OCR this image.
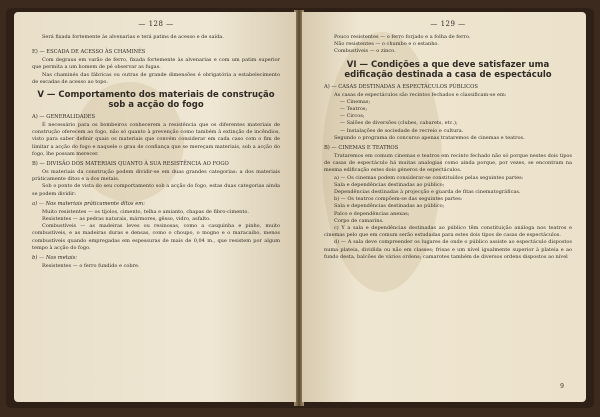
— 128 —

Será fixada fortemente às alvenarias e terá patins de acesso e de saída.

E) — ESCADA DE ACESSO ÀS CHAMINÉS

Com degraus em varão de ferro, fixada fortemente às alvenarias e com um patim superior que permita a um homem de pé observar as fugas.

Nas chaminés das fábricas ou outras de grande dimensões é obrigatória a estabelecimento de escadas de acesso ao topo.

V — Comportamento dos materiais de construção sob a acção do fogo
A) — GENERALIDADES

É necessário para os bombeiros conhecerem a resistência que os diferentes materiais de construção oferecem ao fogo, não só quanto à prevenção como também à extinção de incêndios, visto para saber definir quais os materiais que convém considerar em cada caso com o fim de limitar a acção do fogo e naquele o grau de confiança que se mereçam materiais, sob a acção do fogo, lhe possam merecer.

B) — DIVISÃO DOS MATERIAIS QUANTO À SUA RESISTÊNCIA AO FOGO

Os materiais da construção podem dividir-se em duas grandes categorias: a dos materiais pràticamente ditos e a dos metais.

Sob o ponto de vista do seu comportamento sob a acção do fogo, estas duas categorias ainda se podem dividir:

a) — Nos materiais pràticamente ditos em:

Muito resistentes — os tijolos, cimento, telha e amianto, chapas de fibro-cimento.

Resistentes — as pedras naturais, mármores, gêsso, vidro, asfalto.

Combustíveis — as madeiras leves ou resinosas, como a casquinha e pinho, muito combustíveis, e as madeiras duras e densas, como o choupo, o mogno e o maracaibo, menos combustíveis quando empregadas em espessuras de mais de 0,04 m., que resistem por algum tempo à acção do fogo.

b) — Nos metais:

Resistentes — o ferro fundido e cobre.

— 129 —

Pouco resistentes — o ferro forjado e a folha de ferro.

Não resistentes — o chumbo e o estanho.

Combustíveis — o zinco.

VI — Condições a que deve satisfazer uma edificação destinada a casa de espectáculo
A) — CASAS DESTINADAS A ESPECTÁCULOS PÚBLICOS

As casas de espectáculos são recintos fechados e classificam-se em:

— Cinemas;
— Teatros;
— Circos;
— Salões de diversões (clubes, cabarets, etc.);
— Instalações de sociedade de recreio e cultura.

Segundo o programa do concurso apenas trataremos de cinemas e teatros.

B) — CINEMAS E TEATROS

Trataremos em comum cinemas e teatros em recinto fechado não só porque nestes dois tipos de casas de espectáculo há muitas analogias como ainda porque, por vezes, se encontram na mesma edificação estes dois géneros de espectáculos.

a) — Os cinemas podem considerar-se constituídos pelas seguintes partes:

Sala e dependências destinadas ao público;

Dependências destinadas à projecção e guarda de fitas cinematográficas.

b) — Os teatros compõem-se das seguintes partes:

Sala e dependências destinadas ao público;

Palco e dependências anexas;

Corpo de camarins.

c) Y a sala e dependências destinadas ao público têm constituição análoga nos teatros e cinemas pelo que em comum serão estudadas para estes dois tipos de casas de espectáculos.

d) — A sala deve compreender os lugares de onde o público assiste ao espectáculo dispostos numa plateia, dividida ou não em classes; frisas e um nível igualmente superior à plateia e ao fundo desta, balcões de vários ordens; camarotes também de diversos ordens dispostos ao nível

9
